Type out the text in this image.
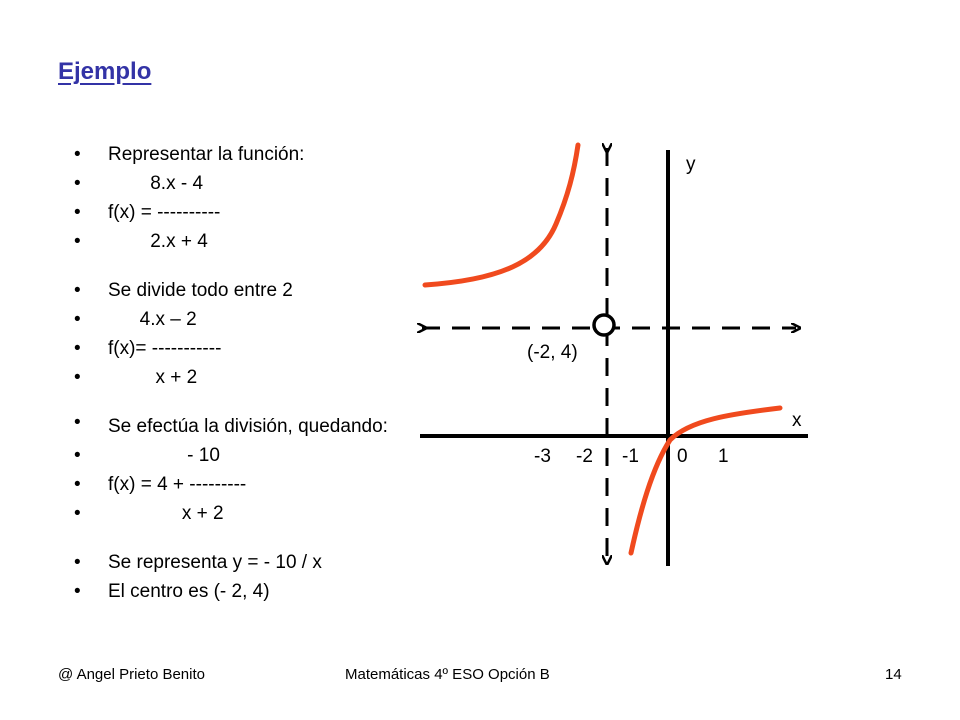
Ejemplo
• Representar la función:
•         8.x - 4
• f(x) = ----------
•         2.x + 4
• Se divide todo entre 2
•       4.x – 2
• f(x)= -----------
•          x + 2
• Se efectúa la división, quedando:
•                - 10
• f(x) = 4 + ---------
•               x + 2
• Se representa y = - 10 / x
• El centro es (- 2, 4)
y
x
(-2, 4)
-3 -2 -1 0 1
@ Angel Prieto Benito	Matemáticas 4º ESO Opción B	14
